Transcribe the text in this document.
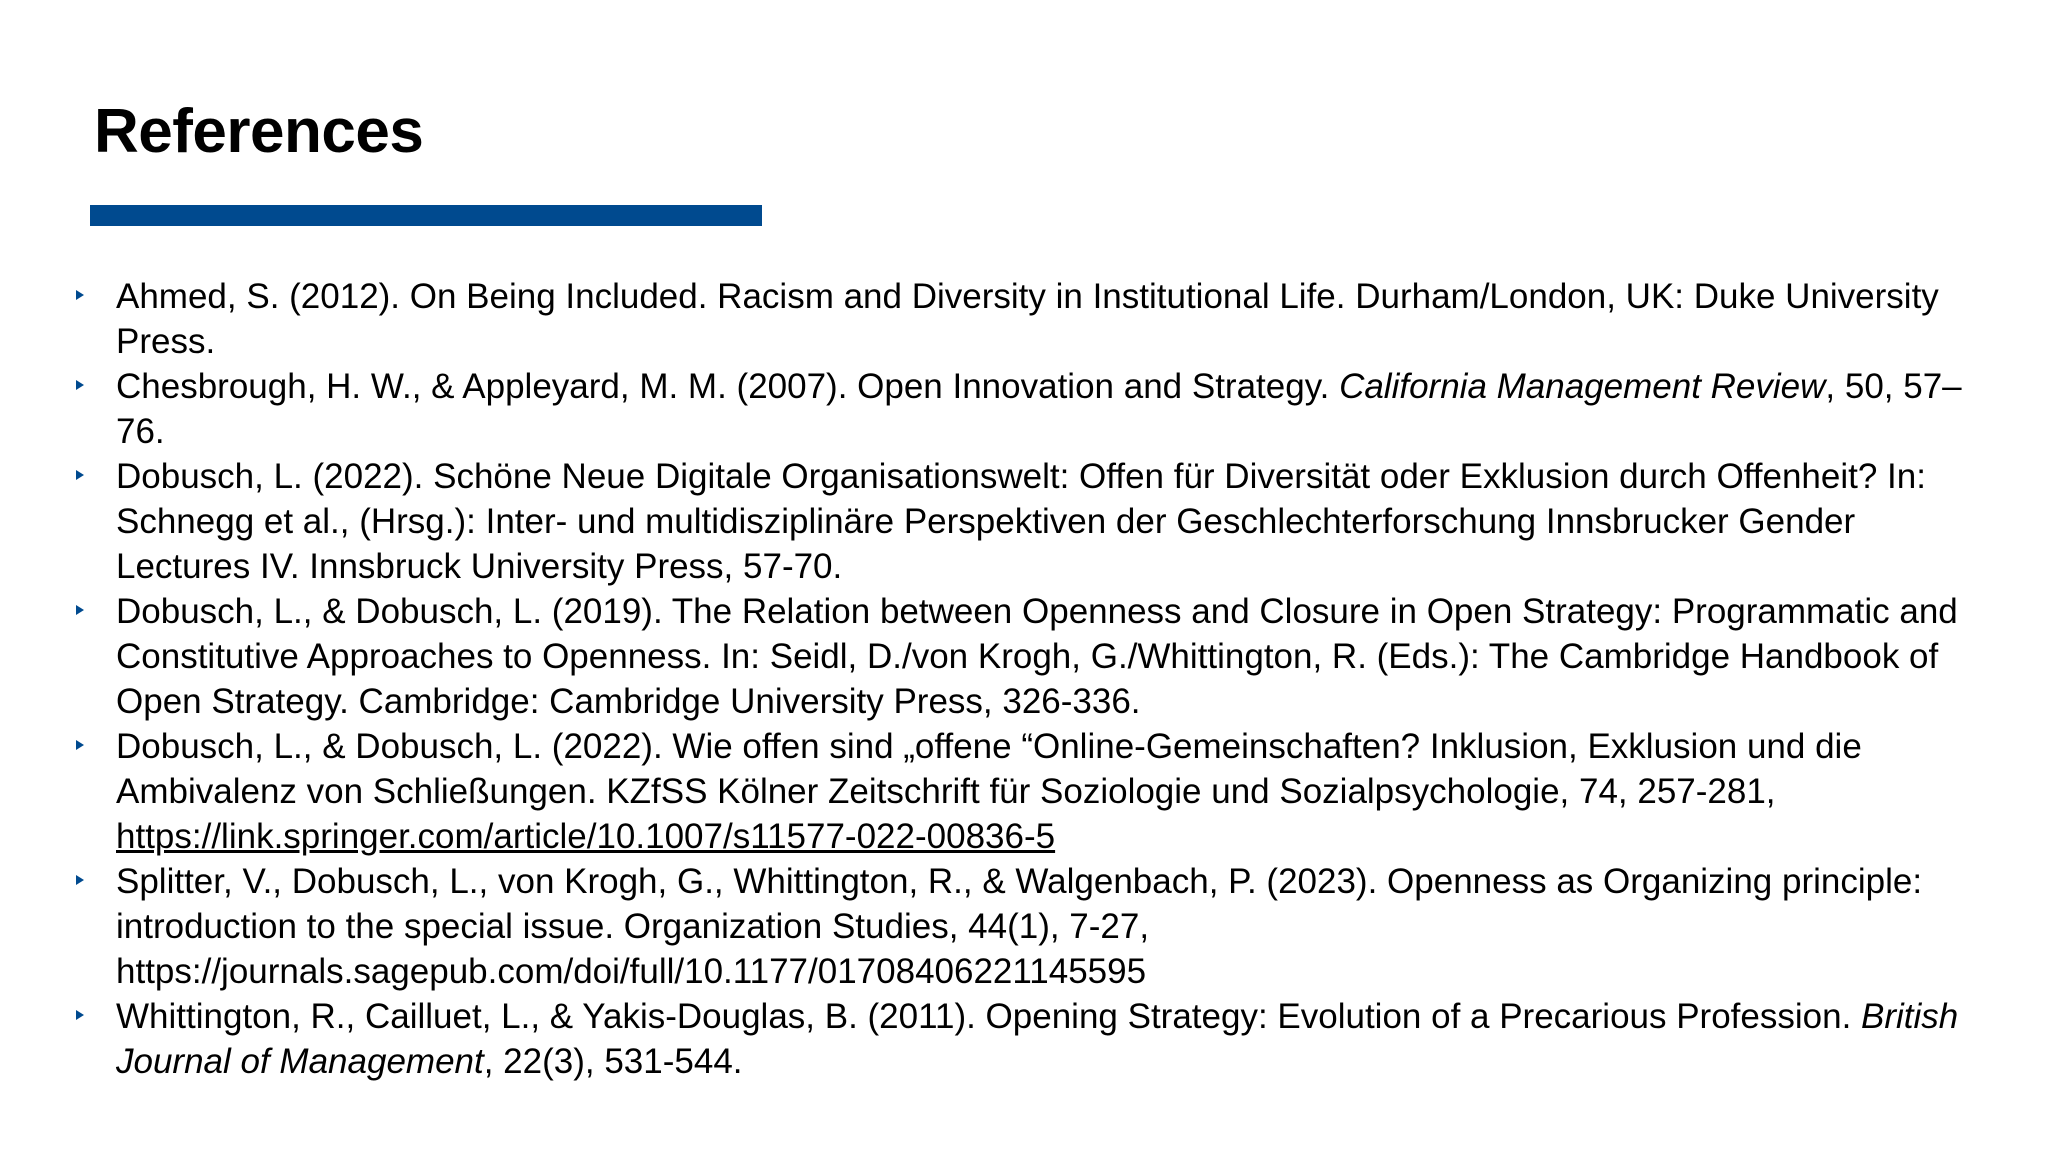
References
Ahmed, S. (2012). On Being Included. Racism and Diversity in Institutional Life. Durham/London, UK: Duke University Press.
Chesbrough, H. W., & Appleyard, M. M. (2007). Open Innovation and Strategy. California Management Review, 50, 57–76.
Dobusch, L. (2022). Schöne Neue Digitale Organisationswelt: Offen für Diversität oder Exklusion durch Offenheit? In: Schnegg et al., (Hrsg.): Inter- und multidisziplinäre Perspektiven der Geschlechterforschung Innsbrucker Gender Lectures IV. Innsbruck University Press, 57-70.
Dobusch, L., & Dobusch, L. (2019). The Relation between Openness and Closure in Open Strategy: Programmatic and Constitutive Approaches to Openness. In: Seidl, D./von Krogh, G./Whittington, R. (Eds.): The Cambridge Handbook of Open Strategy. Cambridge: Cambridge University Press, 326-336.
Dobusch, L., & Dobusch, L. (2022). Wie offen sind „offene “Online-Gemeinschaften? Inklusion, Exklusion und die Ambivalenz von Schließungen. KZfSS Kölner Zeitschrift für Soziologie und Sozialpsychologie, 74, 257-281, https://link.springer.com/article/10.1007/s11577-022-00836-5
Splitter, V., Dobusch, L., von Krogh, G., Whittington, R., & Walgenbach, P. (2023). Openness as Organizing principle: introduction to the special issue. Organization Studies, 44(1), 7-27, https://journals.sagepub.com/doi/full/10.1177/01708406221145595
Whittington, R., Cailluet, L., & Yakis-Douglas, B. (2011). Opening Strategy: Evolution of a Precarious Profession. British Journal of Management, 22(3), 531-544.
